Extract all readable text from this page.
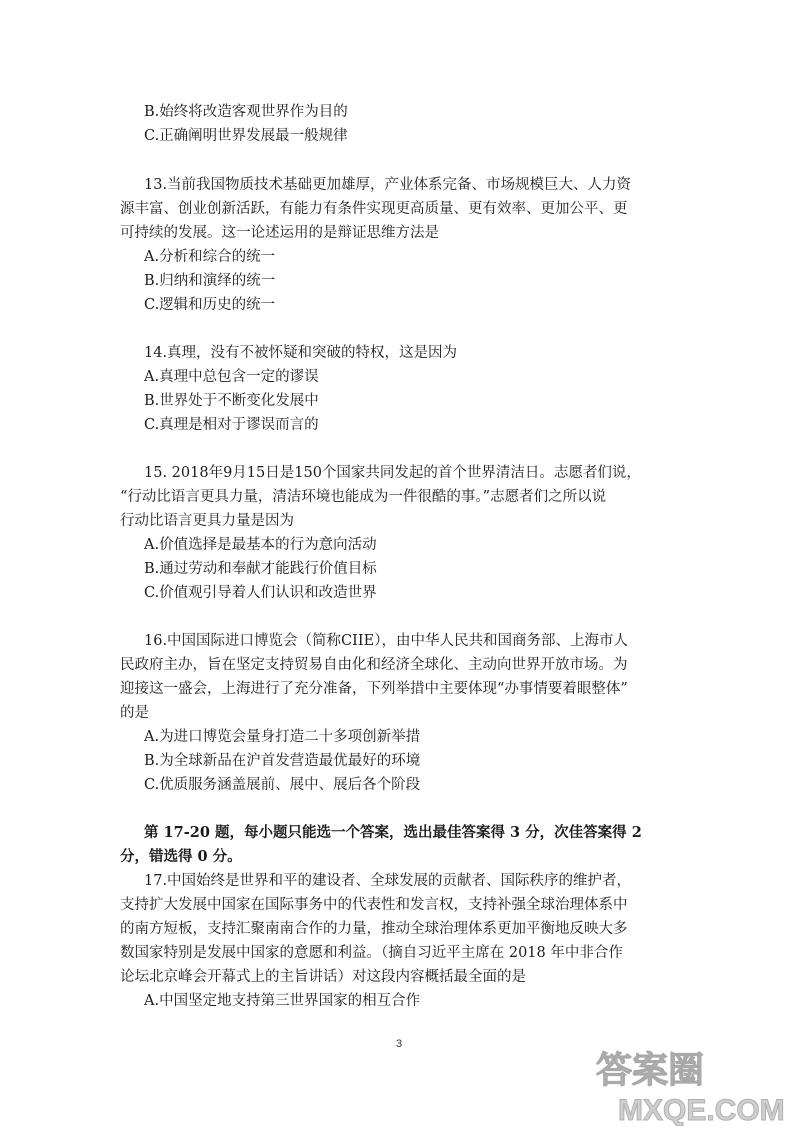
B.始终将改造客观世界作为目的
C.正确阐明世界发展最一般规律
13.当前我国物质技术基础更加雄厚，产业体系完备、市场规模巨大、人力资
源丰富、创业创新活跃，有能力有条件实现更高质量、更有效率、更加公平、更
可持续的发展。这一论述运用的是辩证思维方法是
A.分析和综合的统一
B.归纳和演绎的统一
C.逻辑和历史的统一
14.真理，没有不被怀疑和突破的特权，这是因为
A.真理中总包含一定的谬误
B.世界处于不断变化发展中
C.真理是相对于谬误而言的
15. 2018年9月15日是150个国家共同发起的首个世界清洁日。志愿者们说，
“行动比语言更具力量，清洁环境也能成为一件很酷的事。”志愿者们之所以说
行动比语言更具力量是因为
A.价值选择是最基本的行为意向活动
B.通过劳动和奉献才能践行价值目标
C.价值观引导着人们认识和改造世界
16.中国国际进口博览会（简称CIIE），由中华人民共和国商务部、上海市人
民政府主办，旨在坚定支持贸易自由化和经济全球化、主动向世界开放市场。为
迎接这一盛会，上海进行了充分准备，下列举措中主要体现“办事情要着眼整体”
的是
A.为进口博览会量身打造二十多项创新举措
B.为全球新品在沪首发营造最优最好的环境
C.优质服务涵盖展前、展中、展后各个阶段
第 17-20 题，每小题只能选一个答案，选出最佳答案得 3 分，次佳答案得 2
分，错选得 0 分。
17.中国始终是世界和平的建设者、全球发展的贡献者、国际秩序的维护者，
支持扩大发展中国家在国际事务中的代表性和发言权，支持补强全球治理体系中
的南方短板，支持汇聚南南合作的力量，推动全球治理体系更加平衡地反映大多
数国家特别是发展中国家的意愿和利益。（摘自习近平主席在 2018 年中非合作
论坛北京峰会开幕式上的主旨讲话）对这段内容概括最全面的是
A.中国坚定地支持第三世界国家的相互合作
3
答案圈
MXQE.COM
